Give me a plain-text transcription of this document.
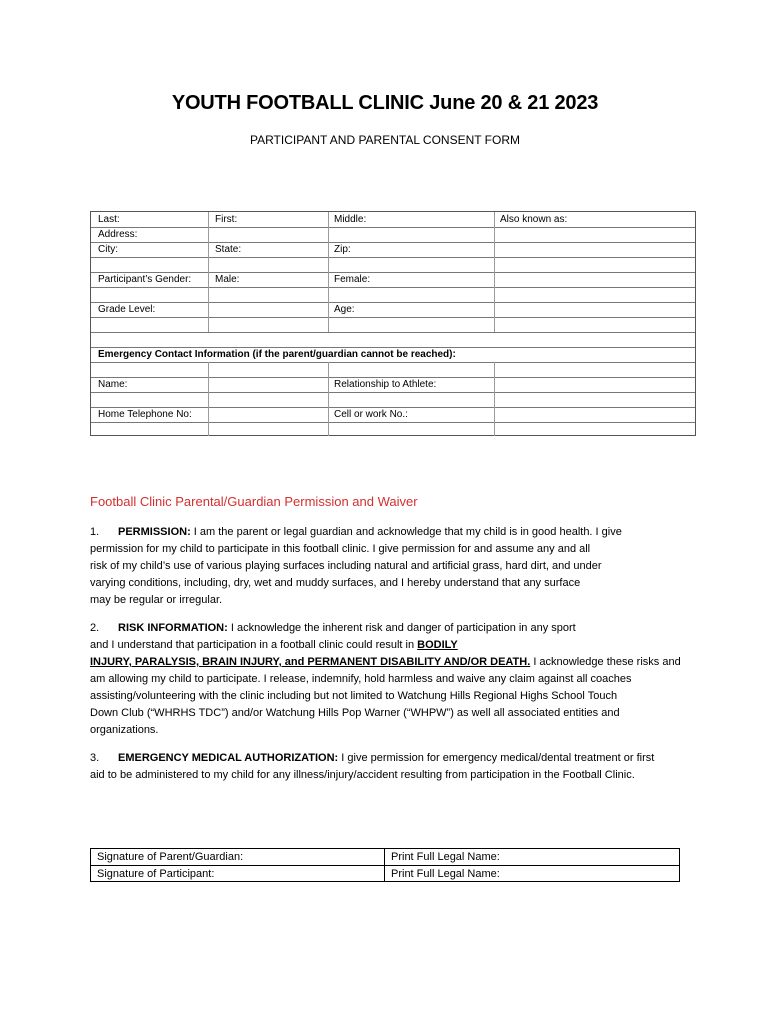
YOUTH FOOTBALL CLINIC June 20 & 21 2023
PARTICIPANT AND PARENTAL CONSENT FORM
Last:	First:	Middle:	Also known as:
Address:
City:	State:	Zip:
Participant’s Gender: Male:	Female:
Grade Level:	Age:
Emergency Contact Information (if the parent/guardian cannot be reached):
Name:	Relationship to Athlete:
Home Telephone No:	Cell or work No.:
Football Clinic Parental/Guardian Permission and Waiver
1. PERMISSION: I am the parent or legal guardian and acknowledge that my child is in good health. I give
permission for my child to participate in this football clinic. I give permission for and assume any and all
risk of my child’s use of various playing surfaces including natural and artificial grass, hard dirt, and under
varying conditions, including, dry, wet and muddy surfaces, and I hereby understand that any surface
may be regular or irregular.
2. RISK INFORMATION: I acknowledge the inherent risk and danger of participation in any sport
and I understand that participation in a football clinic could result in BODILY
INJURY, PARALYSIS, BRAIN INJURY, and PERMANENT DISABILITY AND/OR DEATH. I acknowledge these risks and
am allowing my child to participate. I release, indemnify, hold harmless and waive any claim against all coaches
assisting/volunteering with the clinic including but not limited to Watchung Hills Regional Highs School Touch
Down Club (“WHRHS TDC”) and/or Watchung Hills Pop Warner (“WHPW”) as well all associated entities and
organizations.
3. EMERGENCY MEDICAL AUTHORIZATION: I give permission for emergency medical/dental treatment or first
aid to be administered to my child for any illness/injury/accident resulting from participation in the Football Clinic.
Signature of Parent/Guardian:	Print Full Legal Name:
Signature of Participant:	Print Full Legal Name:
